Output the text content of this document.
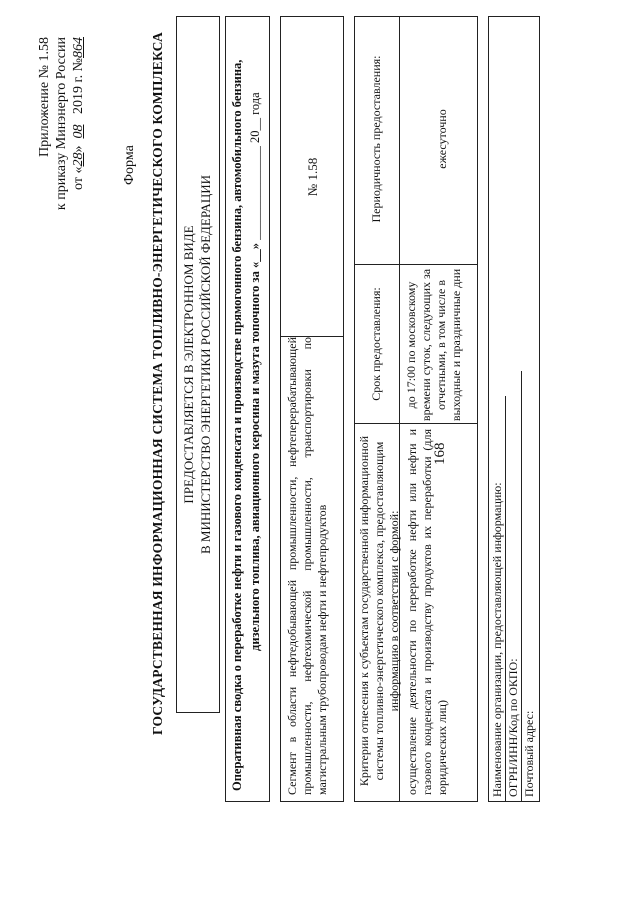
168
Приложение № 1.58 к приказу Минэнерго России от «28»  08   2019 г. №864
Форма ГОСУДАРСТВЕННАЯ ИНФОРМАЦИОННАЯ СИСТЕМА ТОПЛИВНО-ЭНЕРГЕТИЧЕСКОГО КОМПЛЕКСА ПРЕДОСТАВЛЯЕТСЯ В ЭЛЕКТРОННОМ ВИДЕ В МИНИСТЕРСТВО ЭНЕРГЕТИКИ РОССИЙСКОЙ ФЕДЕРАЦИИ Оперативная сводка о переработке нефти и газового конденсата и производстве прямогонного бензина, автомобильного бензина, дизельного топлива, авиационного керосина и мазута топочного за «__» _______________ 20__ года
Сегмент в области нефтедобывающей промышленности, нефтеперерабатывающей промышленности, нефтехимической промышленности, транспортировки по магистральным трубопроводам нефти и нефтепродуктов
№ 1.58
Критерии отнесения к субъектам государственной информационной системы топливно-энергетического комплекса, предоставляющим информацию в соответствии с формой:
Срок предоставления:
Периодичность предоставления:
осуществление деятельности по переработке нефти или нефти и газового конденсата и производству продуктов их переработки (для юридических лиц)
до 17:00 по московскому времени суток, следующих за отчетными, в том числе в выходные и праздничные дни
ежесуточно
Наименование организации, предоставляющей информацию: ОГРН/ИНН/Код по ОКПО: Почтовый адрес:
